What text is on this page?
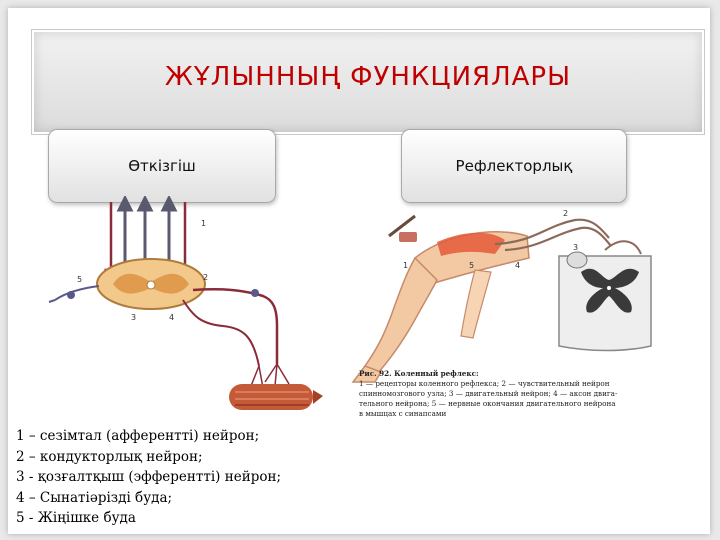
ЖҰЛЫННЫҢ ФУНКЦИЯЛАРЫ
Өткізгіш	Рефлекторлық
1
2
3	4
5
Рис. 92. Коленный рефлекс:
1 — рецепторы коленного рефлекса; 2 — чувствительный нейрон
спинномозгового узла; 3 — двигательный нейрон; 4 — аксон двига-
тельного нейрона; 5 — нервные окончания двигательного нейрона
в мышцах с синапсами
1
2
3
4
5
1 – сезімтал (афферентті) нейрон;
2 – кондукторлық нейрон;
3 - қозғалтқыш (эфферентті) нейрон;
4 – Сынатіәрізді буда;
5 - Жіңішке буда
